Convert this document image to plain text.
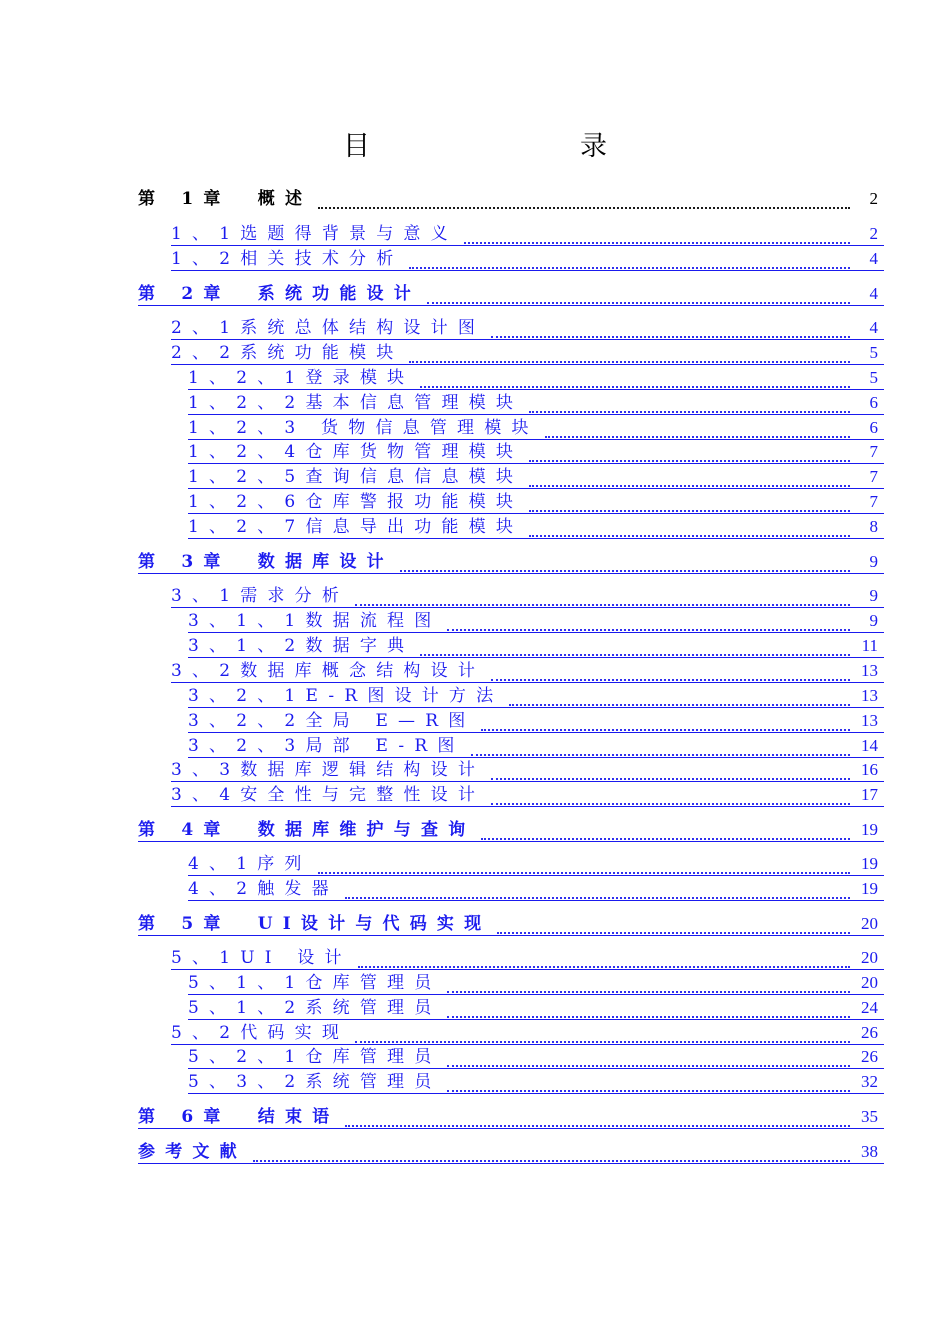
目　　录
第 1章　概述	2
1、1选题得背景与意义	2
1、2相关技术分析	4
第 2章　系统功能设计	4
2、1系统总体结构设计图	4
2、2系统功能模块	5
1、2、1登录模块	5
1、2、2基本信息管理模块	6
1、2、3 货物信息管理模块	6
1、2、4仓库货物管理模块	7
1、2、5查询信息信息模块	7
1、2、6仓库警报功能模块	7
1、2、7信息导出功能模块	8
第 3章　数据库设计	9
3、1需求分析	9
3、1、1数据流程图	9
3、1、2数据字典	11
3、2数据库概念结构设计	13
3、2、1E-R图设计方法	13
3、2、2全局 E—R图	13
3、2、3局部 E-R图	14
3、3数据库逻辑结构设计	16
3、4安全性与完整性设计	17
第 4章　数据库维护与查询	19
4、1序列	19
4、2触发器	19
第 5章　UI设计与代码实现	20
5、1UI 设计	20
5、1、1仓库管理员	20
5、1、2系统管理员	24
5、2代码实现	26
5、2、1仓库管理员	26
5、3、2系统管理员	32
第 6章　结束语	35
参考文献	38
